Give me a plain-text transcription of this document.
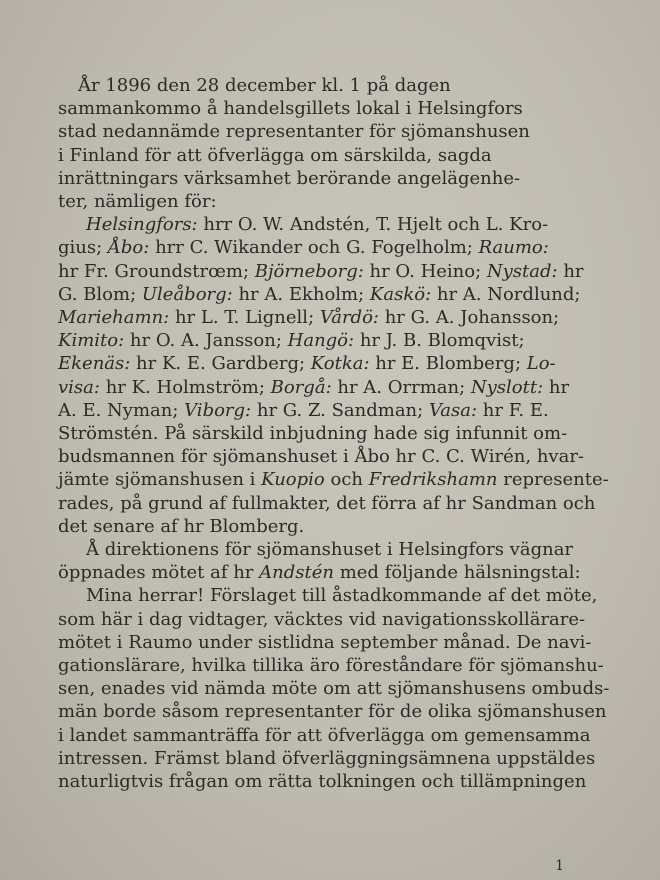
År 1896 den 28 december kl. 1 på dagen
sammankommo å handelsgillets lokal i Helsingfors
stad nedannämde representanter för sjömanshusen
i Finland för att öfverlägga om särskilda, sagda
inrättningars värksamhet berörande angelägenhe-
ter, nämligen för:

Helsingfors: hrr O. W. Andstén, T. Hjelt och L. Kro-
gius; Åbo: hrr C. Wikander och G. Fogelholm; Raumo:
hr Fr. Groundstrœm; Björneborg: hr O. Heino; Nystad: hr
G. Blom; Uleåborg: hr A. Ekholm; Kaskö: hr A. Nordlund;
Mariehamn: hr L. T. Lignell; Vårdö: hr G. A. Johansson;
Kimito: hr O. A. Jansson; Hangö: hr J. B. Blomqvist;
Ekenäs: hr K. E. Gardberg; Kotka: hr E. Blomberg; Lo-
visa: hr K. Holmström; Borgå: hr A. Orrman; Nyslott: hr
A. E. Nyman; Viborg: hr G. Z. Sandman; Vasa: hr F. E.
Strömstén. På särskild inbjudning hade sig infunnit om-
budsmannen för sjömanshuset i Åbo hr C. C. Wirén, hvar-
jämte sjömanshusen i Kuopio och Fredrikshamn represente-
rades, på grund af fullmakter, det förra af hr Sandman och
det senare af hr Blomberg.

Å direktionens för sjömanshuset i Helsingfors vägnar
öppnades mötet af hr Andstén med följande hälsningstal:

Mina herrar! Förslaget till åstadkommande af det möte,
som här i dag vidtager, väcktes vid navigationsskollärare-
mötet i Raumo under sistlidna september månad. De navi-
gationslärare, hvilka tillika äro föreståndare för sjömanshu-
sen, enades vid nämda möte om att sjömanshusens ombuds-
män borde såsom representanter för de olika sjömanshusen
i landet sammanträffa för att öfverlägga om gemensamma
intressen. Främst bland öfverläggningsämnena uppstäldes
naturligtvis frågan om rätta tolkningen och tillämpningen

1
